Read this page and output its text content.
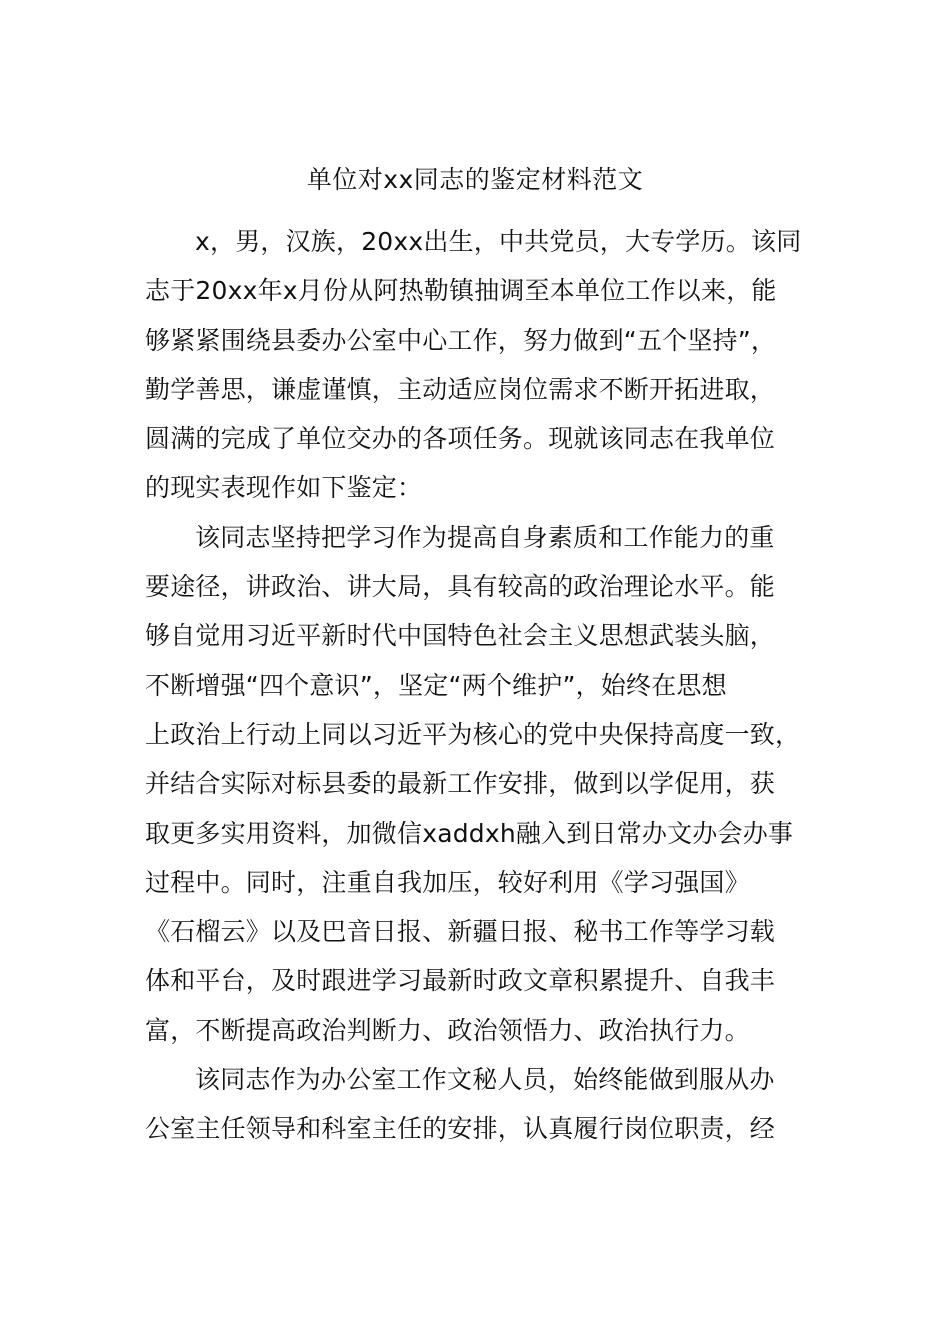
单位对xx同志的鉴定材料范文
x，男，汉族，20xx出生，中共党员，大专学历。该同
志于20xx年x月份从阿热勒镇抽调至本单位工作以来，能
够紧紧围绕县委办公室中心工作，努力做到“五个坚持”，
勤学善思，谦虚谨慎，主动适应岗位需求不断开拓进取，
圆满的完成了单位交办的各项任务。现就该同志在我单位
的现实表现作如下鉴定：
该同志坚持把学习作为提高自身素质和工作能力的重
要途径，讲政治、讲大局，具有较高的政治理论水平。能
够自觉用习近平新时代中国特色社会主义思想武装头脑，
不断增强“四个意识”，坚定“两个维护”，始终在思想
上政治上行动上同以习近平为核心的党中央保持高度一致，
并结合实际对标县委的最新工作安排，做到以学促用，获
取更多实用资料，加微信xaddxh融入到日常办文办会办事
过程中。同时，注重自我加压，较好利用《学习强国》
《石榴云》以及巴音日报、新疆日报、秘书工作等学习载
体和平台，及时跟进学习最新时政文章积累提升、自我丰
富，不断提高政治判断力、政治领悟力、政治执行力。
该同志作为办公室工作文秘人员，始终能做到服从办
公室主任领导和科室主任的安排，认真履行岗位职责，经
